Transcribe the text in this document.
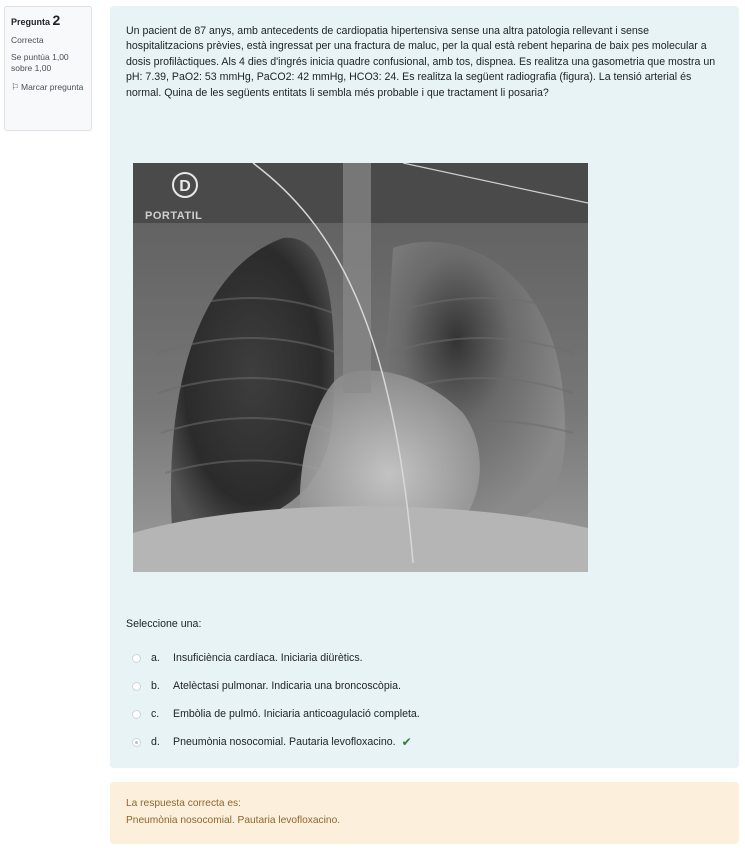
Pregunta 2
Correcta
Se puntúa 1,00 sobre 1,00
⚐ Marcar pregunta
Un pacient de 87 anys, amb antecedents de cardiopatia hipertensiva sense una altra patologia rellevant i sense hospitalitzacions prèvies, està ingressat per una fractura de maluc, per la qual està rebent heparina de baix pes molecular a dosis profilàctiques. Als 4 dies d'ingrés inicia quadre confusional, amb tos, dispnea. Es realitza una gasometria que mostra un pH: 7.39, PaO2: 53 mmHg, PaCO2: 42 mmHg, HCO3: 24. Es realitza la següent radiografia (figura). La tensió arterial és normal. Quina de les següents entitats li sembla més probable i que tractament li posaria?
D
PORTATIL
Seleccione una:
a.	Insuficiència cardíaca. Iniciaria diürètics.
b.	Atelèctasi pulmonar. Indicaria una broncoscòpia.
c.	Embòlia de pulmó. Iniciaria anticoagulació completa.
d.	Pneumònia nosocomial. Pautaria levofloxacino. ✔
La respuesta correcta es:
Pneumònia nosocomial. Pautaria levofloxacino.
